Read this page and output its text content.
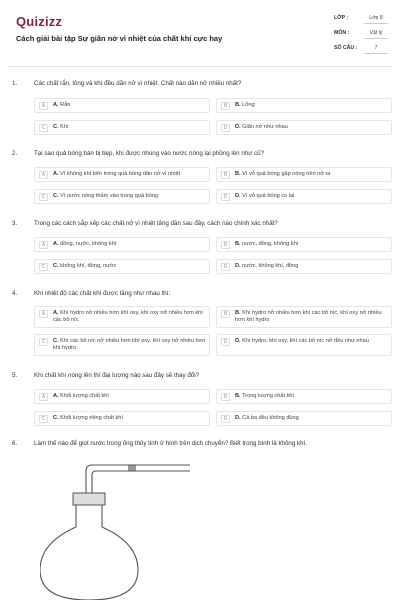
Quizizz
Cách giải bài tập Sự giãn nở vì nhiệt của chất khí cực hay
LỚP :	Lớp 8
MÔN :	Vật lý
SỐ CÂU :	7
1.	Các chất rắn, lỏng và khí đều dãn nở vì nhiệt. Chất nào dãn nở nhiều nhất?
A	A. Rắn	B	B. Lỏng
C	C. Khí	D	D. Giãn nở như nhau
2.	Tại sao quả bóng bàn bị bẹp, khi được nhúng vào nước nóng lại phồng lên như cũ?
A	A. Vì không khí bên trong quả bóng dãn nở vì nhiệt	B	B. Vì vỏ quả bóng gặp nóng nên nở ra
C	C. Vì nước nóng thấm vào trong quả bóng	D	D. Vì vỏ quả bóng co lại
3.	Trong các cách sắp xếp các chất nở vì nhiệt tăng dần sau đây, cách nào chính xác nhất?
A	A. đồng, nước, không khí	B	B. nước, đồng, không khí
C	C. không khí, đồng, nước	D	D. nước, không khí, đồng
4.	Khi nhiệt độ các chất khí được tăng như nhau thì:
A	A. Khí hydro nở nhiều hơn khí oxy, khí oxy nở nhiều hơn khí các bô níc
B	B. Khí hydro nở nhiều hơn khí các bô níc, khí oxy nở nhiều hơn khí hydro
C	C. Khí các bô níc nở nhiều hơn khí oxy, khí oxy nở nhiều hơn khí hydro
D	D. Khí hydro, khí oxy, khí các bô níc nở đều như nhau
5.	Khi chất khí nóng lên thì đại lượng nào sau đây sẽ thay đổi?
A	A. Khối lượng chất khí	B	B. Trọng lượng chất khí
C	C. Khối lượng riêng chất khí	D	D. Cả ba đều không đúng
6.	Làm thế nào để giọt nước trong ống thủy tinh ở hình trên dịch chuyển? Biết trong bình là không khí.
